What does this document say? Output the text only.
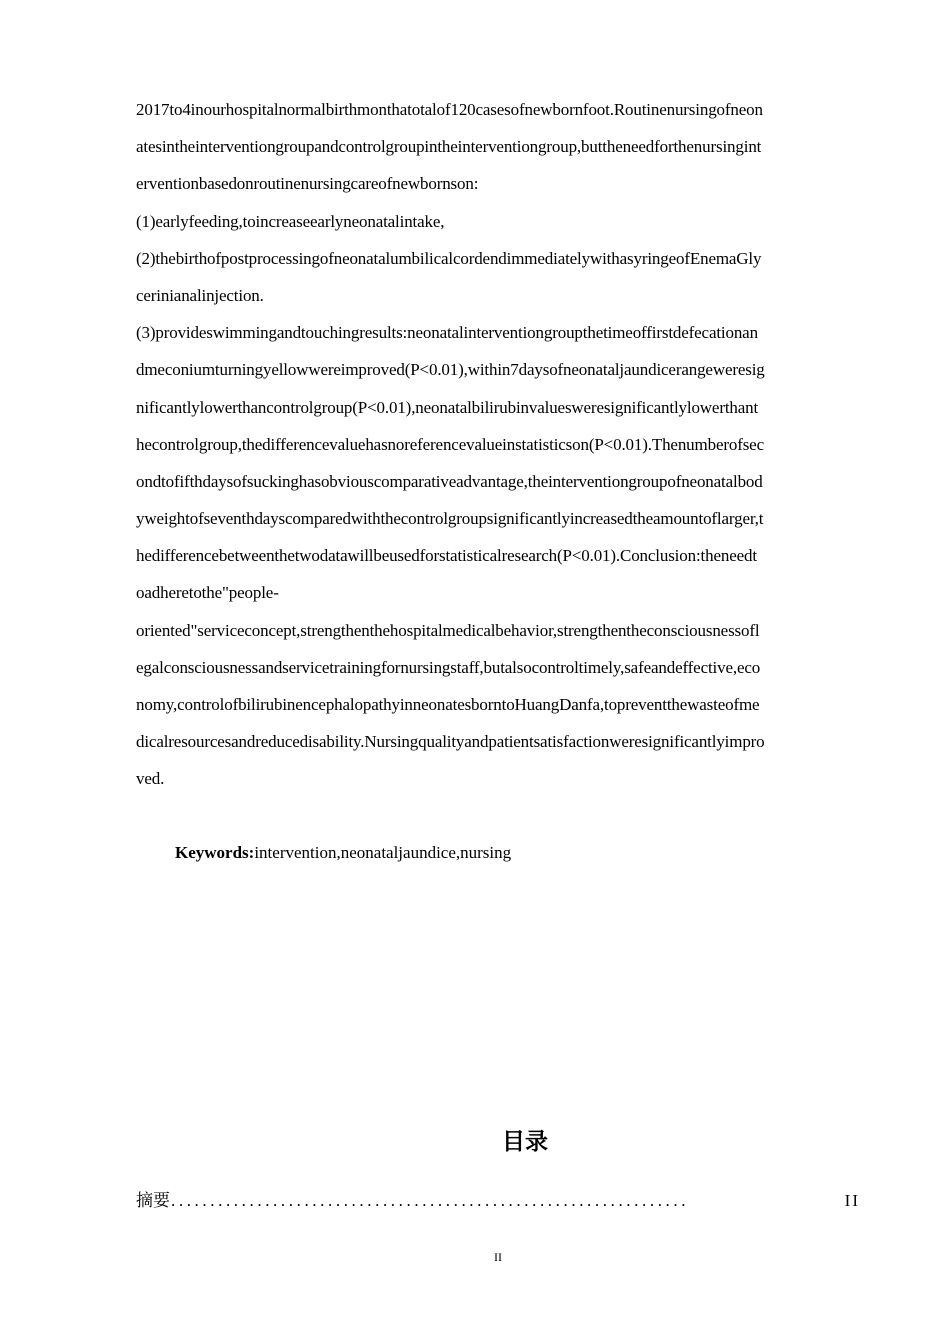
2017to4inourhospitalnormalbirthmonthatotalof120casesofnewbornfoot.Routinenursingofneon
atesintheinterventiongroupandcontrolgroupintheinterventiongroup,buttheneedforthenursingint
erventionbasedonroutinenursingcareofnewbornson:
(1)earlyfeeding,toincreaseearlyneonatalintake,
(2)thebirthofpostprocessingofneonatalumbilicalcordendimmediatelywithasyringeofEnemaGly
cerinianalinjection.
(3)provideswimmingandtouchingresults:neonatalinterventiongroupthetimeoffirstdefecationan
dmeconiumturningyellowwereimproved(P<0.01),within7daysofneonataljaundicerangeweresig
nificantlylowerthancontrolgroup(P<0.01),neonatalbilirubinvaluesweresignificantlylowerthant
hecontrolgroup,thedifferencevaluehasnoreferencevalueinstatisticson(P<0.01).Thenumberofsec
ondtofifthdaysofsuckinghasobviouscomparativeadvantage,theinterventiongroupofneonatalbod
yweightofseventhdayscomparedwiththecontrolgroupsignificantlyincreasedtheamountoflarger,t
hedifferencebetweenthetwodatawillbeusedforstatisticalresearch(P<0.01).Conclusion:theneedt
oadheretothe"people-
oriented"serviceconcept,strengthenthehospitalmedicalbehavior,strengthentheconsciousnessofl
egalconsciousnessandservicetrainingfornursingstaff,butalsocontroltimely,safeandeffective,eco
nomy,controlofbilirubinencephalopathyinneonatesborntoHuangDanfa,topreventthewasteofme
dicalresourcesandreducedisability.Nursingqualityandpatientsatisfactionweresignificantlyimpro
ved.
Keywords:intervention,neonataljaundice,nursing
目录
摘要 ..................................................................	II
II
